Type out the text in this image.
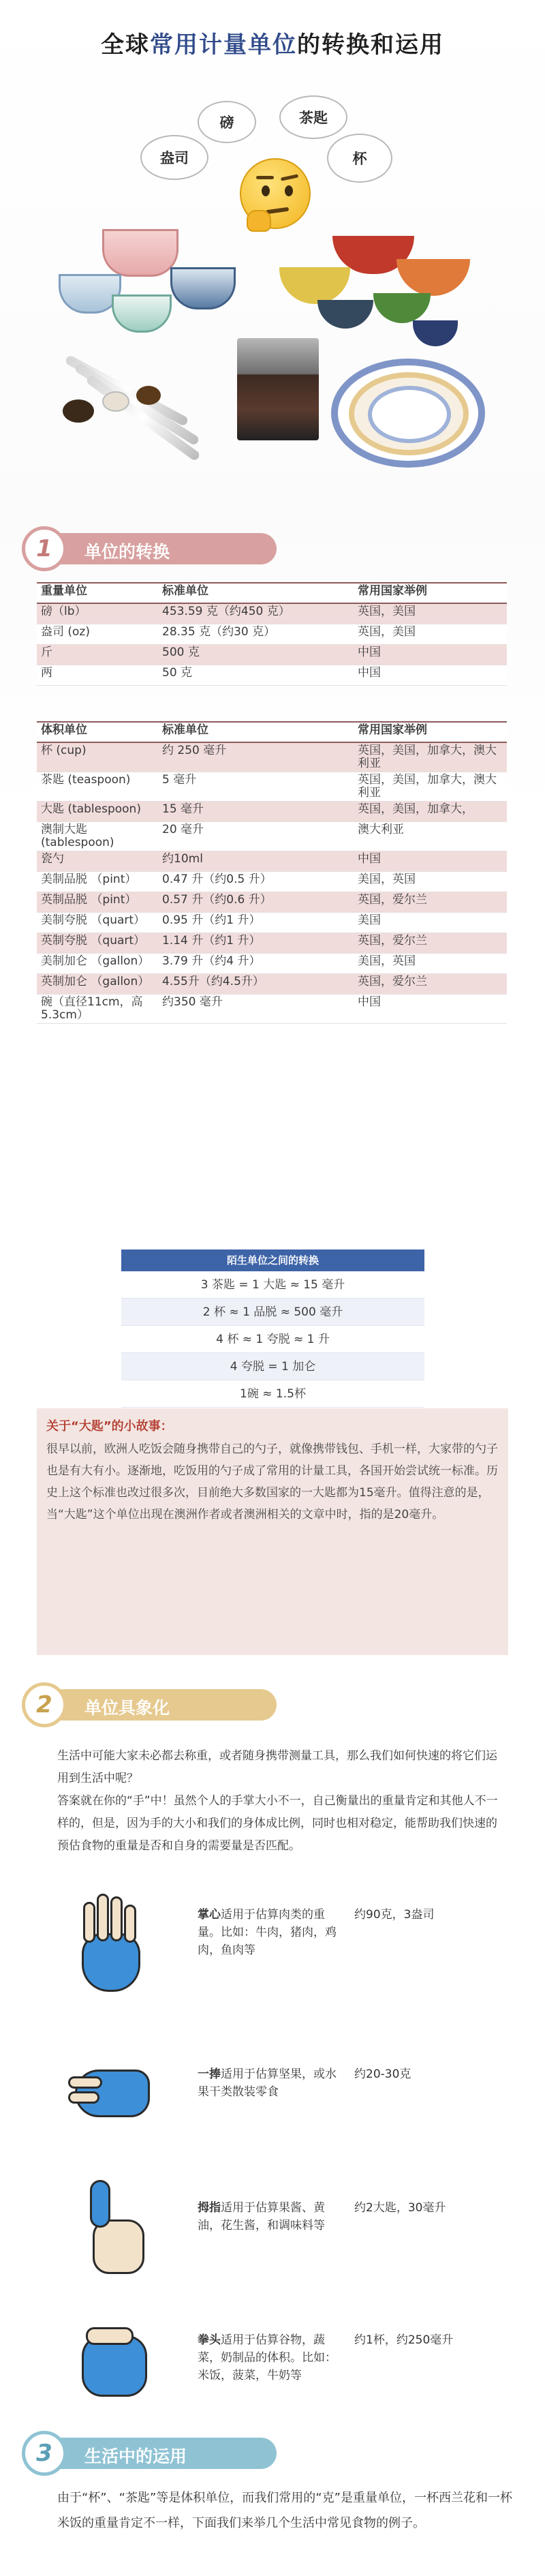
全球常用计量单位的转换和运用
盎司
磅	茶匙
杯
1	单位的转换
重量单位	标准单位	常用国家举例
磅（lb）	453.59 克（约450 克）	英国，美国
盎司 (oz)	28.35 克（约30 克）	英国，美国
斤	500 克	中国
两	50 克	中国
体积单位	标准单位	常用国家举例
杯 (cup)	约 250 毫升	英国，美国，加拿大，澳大利亚
茶匙 (teaspoon)	5 毫升	英国，美国，加拿大，澳大利亚
大匙 (tablespoon)	15 毫升	英国，美国，加拿大，
澳制大匙 (tablespoon)	20 毫升	澳大利亚
瓷勺	约10ml	中国
美制品脱 （pint）	0.47 升（约0.5 升）	美国，英国
英制品脱 （pint）	0.57 升（约0.6 升）	英国，爱尔兰
美制夸脱 （quart）	0.95 升（约1 升）	美国
英制夸脱 （quart）	1.14 升（约1 升）	英国，爱尔兰
美制加仑 （gallon）	3.79 升（约4 升）	美国，英国
英制加仑 （gallon）	4.55升（约4.5升）	英国，爱尔兰
碗（直径11cm，高5.3cm）	约350 毫升	中国
陌生单位之间的转换
3 茶匙 = 1 大匙 ≈ 15 毫升
2 杯 ≈ 1 品脱 ≈ 500 毫升
4 杯 ≈ 1 夸脱 ≈ 1 升
4 夸脱 = 1 加仑
1碗 ≈ 1.5杯
关于“大匙”的小故事：
很早以前，欧洲人吃饭会随身携带自己的勺子，就像携带钱包、手机一样，大家带的勺子也是有大有小。逐渐地，吃饭用的勺子成了常用的计量工具，各国开始尝试统一标准。历史上这个标准也改过很多次，目前绝大多数国家的一大匙都为15毫升。值得注意的是，当“大匙”这个单位出现在澳洲作者或者澳洲相关的文章中时，指的是20毫升。
2	单位具象化
生活中可能大家未必都去称重，或者随身携带测量工具，那么我们如何快速的将它们运用到生活中呢？
答案就在你的“手”中！虽然个人的手掌大小不一，自己衡量出的重量肯定和其他人不一样的，但是，因为手的大小和我们的身体成比例，同时也相对稳定，能帮助我们快速的预估食物的重量是否和自身的需要量是否匹配。
掌心适用于估算肉类的重量。比如：牛肉，猪肉，鸡肉，鱼肉等
约90克，3盎司
一捧适用于估算坚果，或水果干类散装零食
约20-30克
拇指适用于估算果酱、黄油，花生酱，和调味料等
约2大匙，30毫升
拳头适用于估算谷物，蔬菜，奶制品的体积。比如：米饭，菠菜，牛奶等
约1杯，约250毫升
3	生活中的运用
由于“杯”、“茶匙”等是体积单位，而我们常用的“克”是重量单位，一杯西兰花和一杯米饭的重量肯定不一样，下面我们来举几个生活中常见食物的例子。
